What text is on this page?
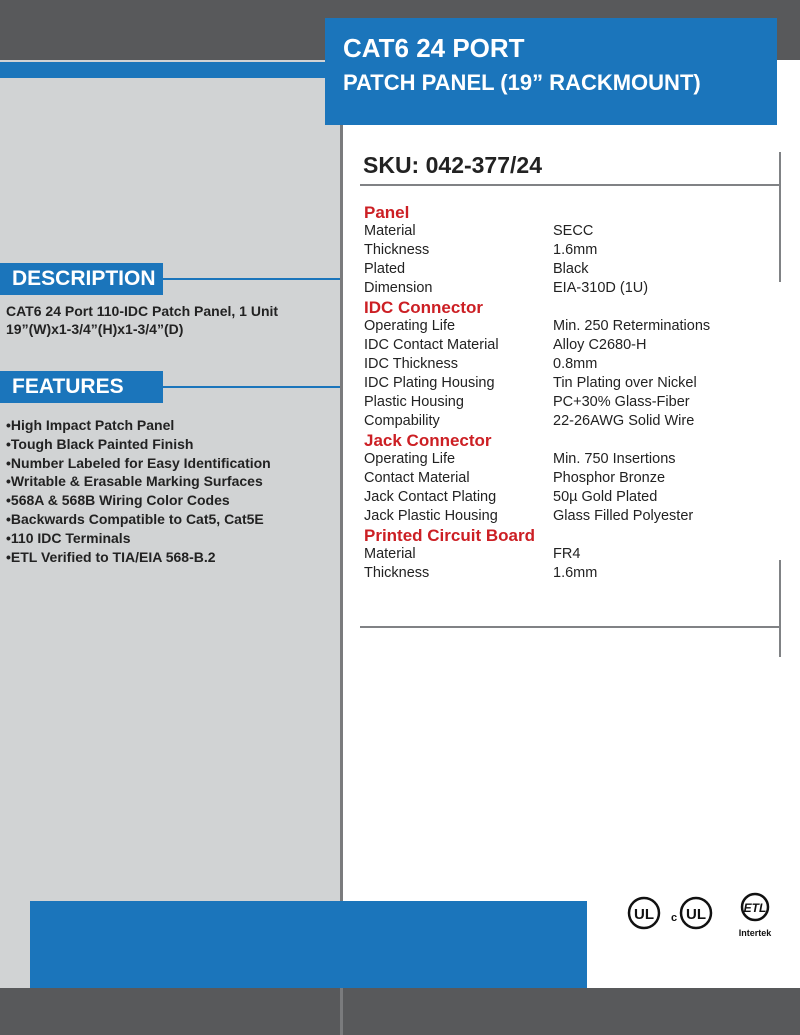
CAT6 24 PORT
PATCH PANEL (19” RACKMOUNT)
DESCRIPTION
CAT6 24 Port 110-IDC Patch Panel, 1 Unit
19”(W)x1-3/4”(H)x1-3/4”(D)
FEATURES
• High Impact Patch Panel
• Tough Black Painted Finish
• Number Labeled for Easy Identification
• Writable & Erasable Marking Surfaces
• 568A & 568B Wiring Color Codes
• Backwards Compatible to Cat5, Cat5E
• 110 IDC Terminals
• ETL Verified to TIA/EIA 568-B.2
SKU: 042-377/24
Panel
Material	SECC
Thickness	1.6mm
Plated	Black
Dimension	EIA-310D (1U)
IDC Connector
Operating Life	Min. 250 Reterminations
IDC Contact Material	Alloy C2680-H
IDC Thickness	0.8mm
IDC Plating Housing	Tin Plating over Nickel
Plastic Housing	PC+30% Glass-Fiber
Compability	22-26AWG Solid Wire
Jack Connector
Operating Life	Min. 750 Insertions
Contact Material	Phosphor Bronze
Jack Contact Plating	50µ Gold Plated
Jack Plastic Housing	Glass Filled Polyester
Printed Circuit Board
Material	FR4
Thickness	1.6mm
UL c UL	ETL
Intertek
